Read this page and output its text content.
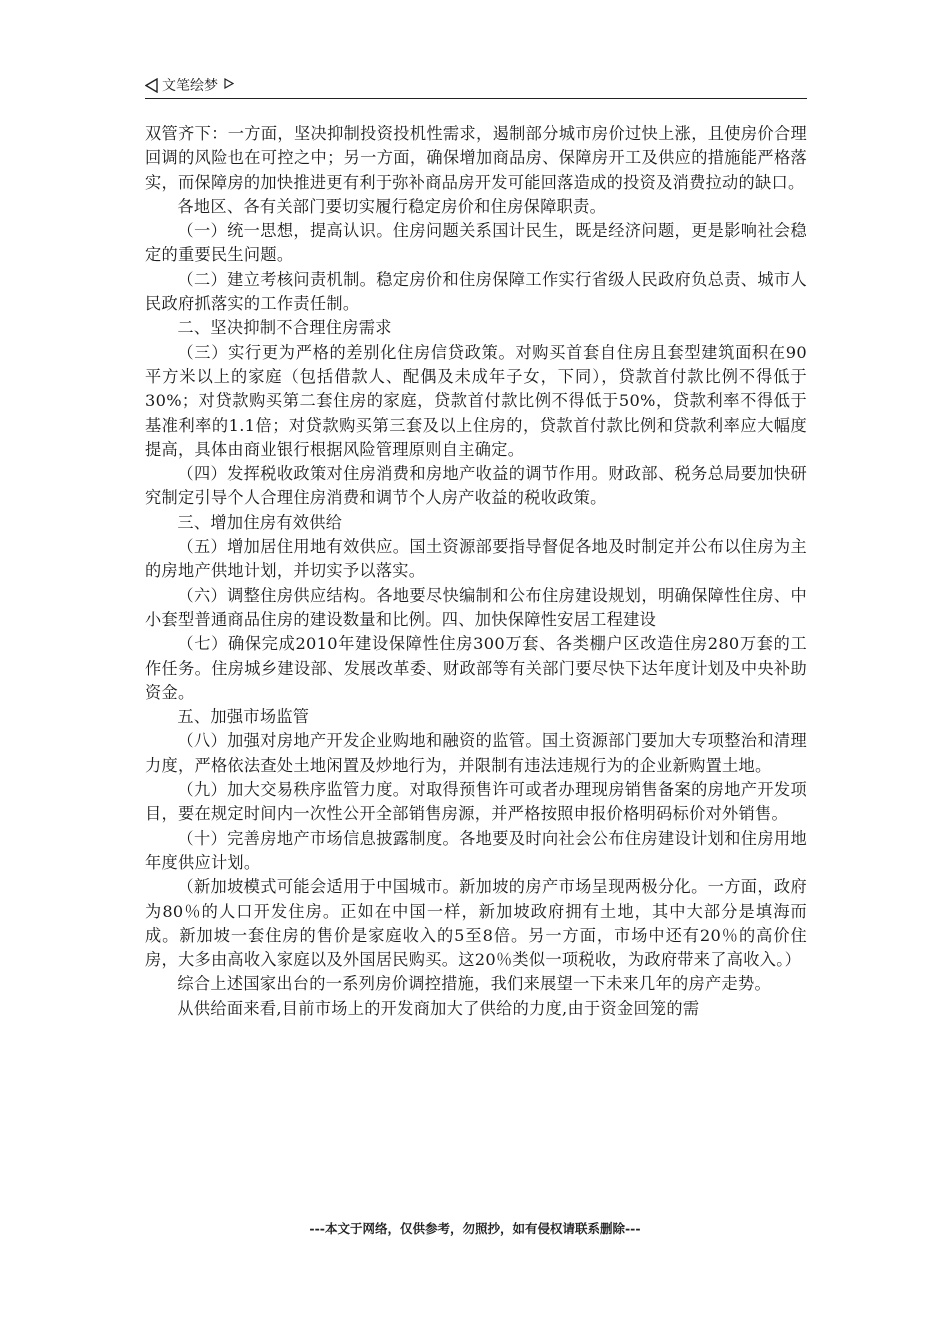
文笔绘梦

双管齐下：一方面，坚决抑制投资投机性需求，遏制部分城市房价过快上涨，且使房价合理回调的风险也在可控之中；另一方面，确保增加商品房、保障房开工及供应的措施能严格落实，而保障房的加快推进更有利于弥补商品房开发可能回落造成的投资及消费拉动的缺口。

各地区、各有关部门要切实履行稳定房价和住房保障职责。

（一）统一思想，提高认识。住房问题关系国计民生，既是经济问题，更是影响社会稳定的重要民生问题。

（二）建立考核问责机制。稳定房价和住房保障工作实行省级人民政府负总责、城市人民政府抓落实的工作责任制。

二、坚决抑制不合理住房需求

（三）实行更为严格的差别化住房信贷政策。对购买首套自住房且套型建筑面积在90平方米以上的家庭（包括借款人、配偶及未成年子女，下同），贷款首付款比例不得低于30%；对贷款购买第二套住房的家庭，贷款首付款比例不得低于50%，贷款利率不得低于基准利率的1.1倍；对贷款购买第三套及以上住房的，贷款首付款比例和贷款利率应大幅度提高，具体由商业银行根据风险管理原则自主确定。

（四）发挥税收政策对住房消费和房地产收益的调节作用。财政部、税务总局要加快研究制定引导个人合理住房消费和调节个人房产收益的税收政策。

三、增加住房有效供给

（五）增加居住用地有效供应。国土资源部要指导督促各地及时制定并公布以住房为主的房地产供地计划，并切实予以落实。

（六）调整住房供应结构。各地要尽快编制和公布住房建设规划，明确保障性住房、中小套型普通商品住房的建设数量和比例。四、加快保障性安居工程建设

（七）确保完成2010年建设保障性住房300万套、各类棚户区改造住房280万套的工作任务。住房城乡建设部、发展改革委、财政部等有关部门要尽快下达年度计划及中央补助资金。

五、加强市场监管

（八）加强对房地产开发企业购地和融资的监管。国土资源部门要加大专项整治和清理力度，严格依法查处土地闲置及炒地行为，并限制有违法违规行为的企业新购置土地。

（九）加大交易秩序监管力度。对取得预售许可或者办理现房销售备案的房地产开发项目，要在规定时间内一次性公开全部销售房源，并严格按照申报价格明码标价对外销售。

（十）完善房地产市场信息披露制度。各地要及时向社会公布住房建设计划和住房用地年度供应计划。

（新加坡模式可能会适用于中国城市。新加坡的房产市场呈现两极分化。一方面，政府为80％的人口开发住房。正如在中国一样，新加坡政府拥有土地，其中大部分是填海而成。新加坡一套住房的售价是家庭收入的5至8倍。另一方面，市场中还有20％的高价住房，大多由高收入家庭以及外国居民购买。这20％类似一项税收，为政府带来了高收入。）

综合上述国家出台的一系列房价调控措施，我们来展望一下未来几年的房产走势。

从供给面来看,目前市场上的开发商加大了供给的力度,由于资金回笼的需

---本文于网络，仅供参考，勿照抄，如有侵权请联系删除---
